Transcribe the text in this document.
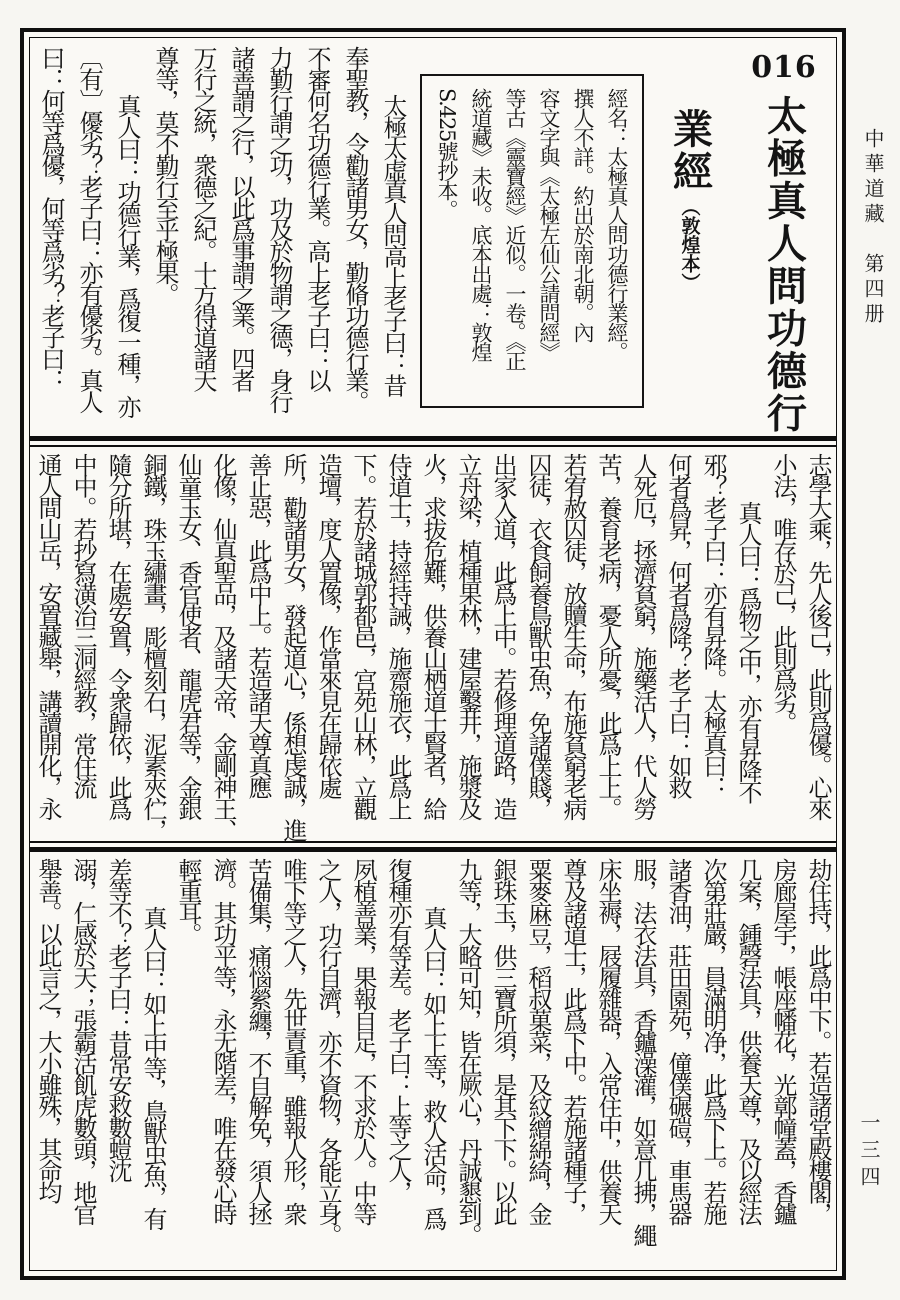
中華道藏　第四册
一三四
016
太極真人問功德行
業經（敦煌本）
經名：太極真人問功德行業經。
撰人不詳。約出於南北朝。內
容文字與《太極左仙公請問經》
等古《靈寶經》近似。一卷。《正
統道藏》未收。底本出處：敦煌
S.425號抄本。
太極太虛真人問高上老子曰：昔
奉聖教，令勸諸男女，勤脩功德行業。
不審何名功德行業。高上老子曰：以
力勤行謂之功，功及於物謂之德，身行
諸善謂之行，以此爲事謂之業。四者
万行之統，衆德之紀。十方得道諸天
尊等，莫不勤行至乎極果。
真人曰：功德行業，爲復一種，亦
〔有〕優劣？老子曰：亦有優劣。真人
曰：何等爲優，何等爲劣？老子曰：
志學大乘，先人後己，此則爲優。心來
小法，唯存於己，此則爲劣。
真人曰：爲物之中，亦有昇降不
邪？老子曰：亦有昇降。太極真曰：
何者爲昇，何者爲降？老子曰：如救
人死厄，拯濟貧窮，施藥活人，代人勞
苦，養育老病，憂人所憂，此爲上上。
若宥赦囚徒，放贖生命，布施貧窮老病
囚徒，衣食飼養鳥獸虫魚，免諸僕賤，
出家入道，此爲上中。若修理道路，造
立舟梁，植種果林，建屋鑿井，施漿及
火，求拔危難，供養山栖道士賢者，給
侍道士，持經持誡，施齋施衣，此爲上
下。若於諸城郭都邑，宫苑山林，立觀
造壇，度人置像，作當來見在歸依處
所，勸諸男女，發起道心，係想虔誠，進
善止惡，此爲中上。若造諸天尊真應
化像，仙真聖品，及諸天帝、金剛神王、
仙童玉女、香官使者、龍虎君等，金銀
銅鐵，珠玉繡畫，彫檀刻石，泥素夾伫，
隨分所堪，在處安置，令衆歸依，此爲
中中。若抄寫潢治三洞經教，常住流
通人間山岳，安置藏舉，講讀開化，永
劫住持，此爲中下。若造諸堂殿樓閣，
房廊屋宇，帳座幡花，光鄣幢蓋，香鑪
几案，鍾磬法具，供養天尊，及以經法
次第莊嚴，員滿明净，此爲下上。若施
諸香油，莊田園苑，僮僕碾磑，車馬器
服，法衣法具，香鑪澡灌，如意几拂，繩
床坐褥，屐履雜器，入常住中，供養天
尊及諸道士，此爲下中。若施諸種子，
粟麥麻豆，稻叔菓菜，及紋繒綿綺，金
銀珠玉，供三寶所須，是其下下。以此
九等，大略可知，皆在厥心，丹誠懇到。
真人曰：如上上等，救人活命，爲
復種亦有等差。老子曰：上等之人，
夙植善業，果報自足，不求於人。中等
之人，功行自濟，亦不資物，各能立身。
唯下等之人，先世責重，雖報人形，衆
苦備集，痛惱縈纏，不自解免，須人拯
濟。其功平等，永无階差，唯在發心時
輕重耳。
真人曰：如上中等，鳥獸虫魚，有
差等不？老子曰：昔常安救數螘沈
溺，仁感於天；張霸活飢虎數頭，地官
舉善。以此言之，大小雖殊，其命均
